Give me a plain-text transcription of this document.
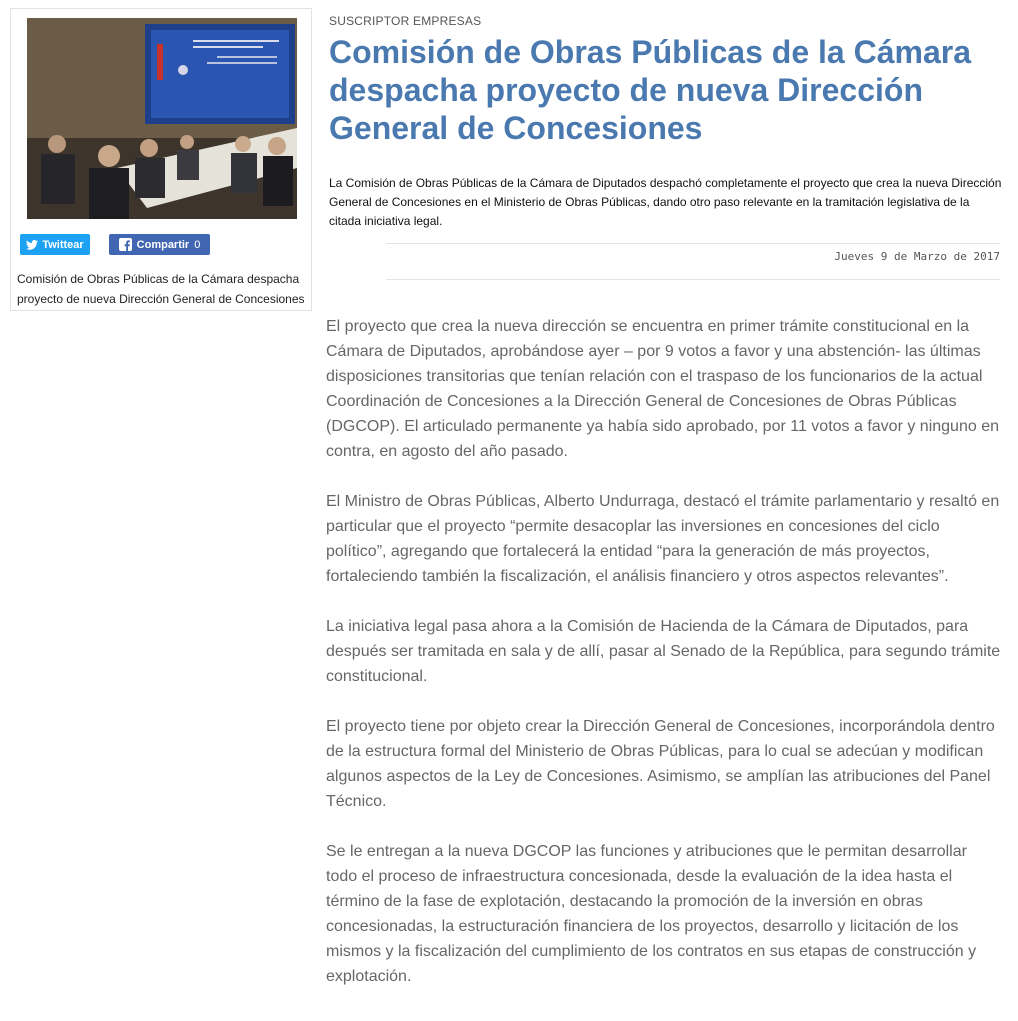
Twittear	Compartir 0
Comisión de Obras Públicas de la Cámara despacha proyecto de nueva Dirección General de Concesiones
SUSCRIPTOR EMPRESAS
Comisión de Obras Públicas de la Cámara despacha proyecto de nueva Dirección General de Concesiones
La Comisión de Obras Públicas de la Cámara de Diputados despachó completamente el proyecto que crea la nueva Dirección General de Concesiones en el Ministerio de Obras Públicas, dando otro paso relevante en la tramitación legislativa de la citada iniciativa legal.
Jueves 9 de Marzo de 2017

El proyecto que crea la nueva dirección se encuentra en primer trámite constitucional en la Cámara de Diputados, aprobándose ayer – por 9 votos a favor y una abstención- las últimas disposiciones transitorias que tenían relación con el traspaso de los funcionarios de la actual Coordinación de Concesiones a la Dirección General de Concesiones de Obras Públicas (DGCOP). El articulado permanente ya había sido aprobado, por 11 votos a favor y ninguno en contra, en agosto del año pasado.

El Ministro de Obras Públicas, Alberto Undurraga, destacó el trámite parlamentario y resaltó en particular que el proyecto “permite desacoplar las inversiones en concesiones del ciclo político”, agregando que fortalecerá la entidad “para la generación de más proyectos, fortaleciendo también la fiscalización, el análisis financiero y otros aspectos relevantes”.

La iniciativa legal pasa ahora a la Comisión de Hacienda de la Cámara de Diputados, para después ser tramitada en sala y de allí, pasar al Senado de la República, para segundo trámite constitucional.

El proyecto tiene por objeto crear la Dirección General de Concesiones, incorporándola dentro de la estructura formal del Ministerio de Obras Públicas, para lo cual se adecúan y modifican algunos aspectos de la Ley de Concesiones. Asimismo, se amplían las atribuciones del Panel Técnico.

Se le entregan a la nueva DGCOP las funciones y atribuciones que le permitan desarrollar todo el proceso de infraestructura concesionada, desde la evaluación de la idea hasta el término de la fase de explotación, destacando la promoción de la inversión en obras concesionadas, la estructuración financiera de los proyectos, desarrollo y licitación de los mismos y la fiscalización del cumplimiento de los contratos en sus etapas de construcción y explotación.
